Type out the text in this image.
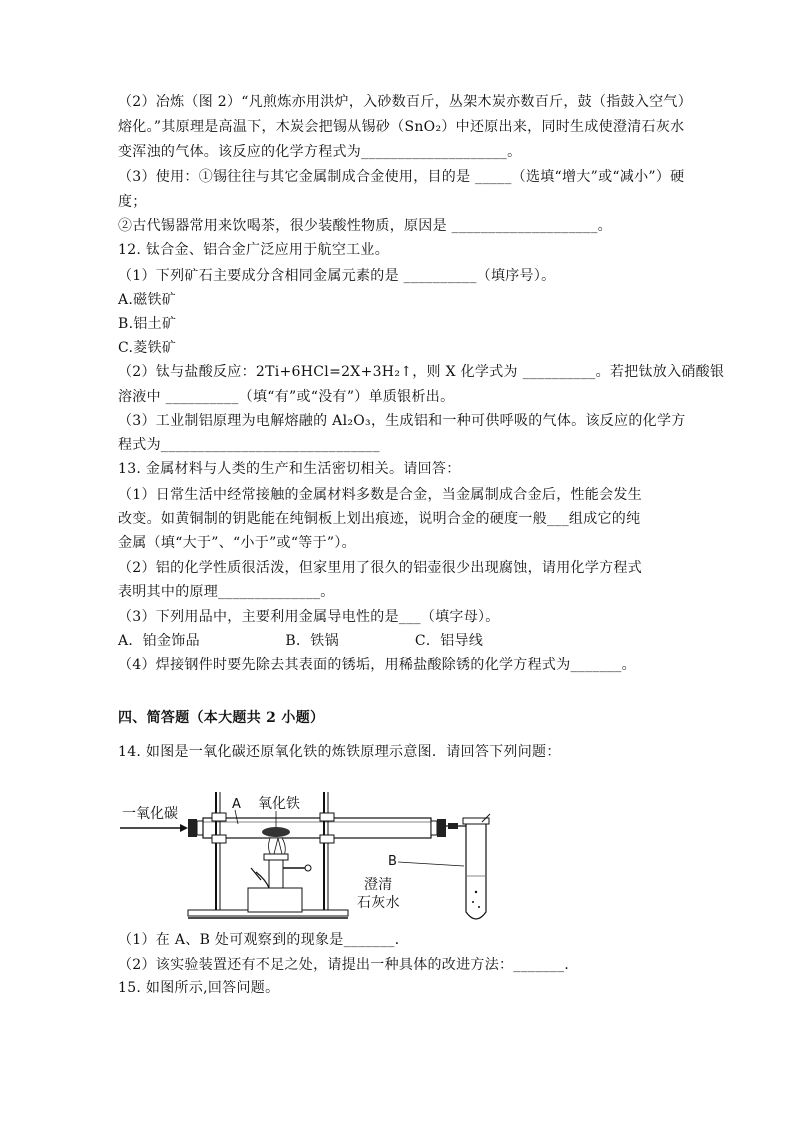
（2）冶炼（图 2）“凡煎炼亦用洪炉，入砂数百斤，丛架木炭亦数百斤，鼓（指鼓入空气）
熔化。”其原理是高温下，木炭会把锡从锡砂（SnO₂）中还原出来，同时生成使澄清石灰水
变浑浊的气体。该反应的化学方程式为____________________。
（3）使用：①锡往往与其它金属制成合金使用，目的是 _____（选填“增大”或“减小”）硬
度；
②古代锡器常用来饮喝茶，很少装酸性物质，原因是 ____________________。
12. 钛合金、铝合金广泛应用于航空工业。
（1）下列矿石主要成分含相同金属元素的是 __________（填序号）。
A.磁铁矿
B.铝土矿
C.菱铁矿
（2）钛与盐酸反应：2Ti+6HCl=2X+3H₂↑，则 X 化学式为 __________。若把钛放入硝酸银
溶液中 __________（填“有”或“没有”）单质银析出。
（3）工业制铝原理为电解熔融的 Al₂O₃，生成铝和一种可供呼吸的气体。该反应的化学方
程式为______________________________
13. 金属材料与人类的生产和生活密切相关。请回答：
（1）日常生活中经常接触的金属材料多数是合金，当金属制成合金后，性能会发生
改变。如黄铜制的钥匙能在纯铜板上划出痕迹，说明合金的硬度一般___组成它的纯
金属（填“大于”、“小于”或“等于”）。
（2）铝的化学性质很活泼，但家里用了很久的铝壶很少出现腐蚀，请用化学方程式
表明其中的原理______________。
（3）下列用品中，主要利用金属导电性的是___（填字母）。
A．铂金饰品                  B．铁锅                C．铝导线
（4）焊接钢件时要先除去其表面的锈垢，用稀盐酸除锈的化学方程式为_______。
四、简答题（本大题共 2 小题）
14. 如图是一氧化碳还原氧化铁的炼铁原理示意图．请回答下列问题：
一氧化碳
A 氧化铁
B
澄清
石灰水
（1）在 A、B 处可观察到的现象是_______．
（2）该实验装置还有不足之处，请提出一种具体的改进方法：_______．
15. 如图所示,回答问题。
